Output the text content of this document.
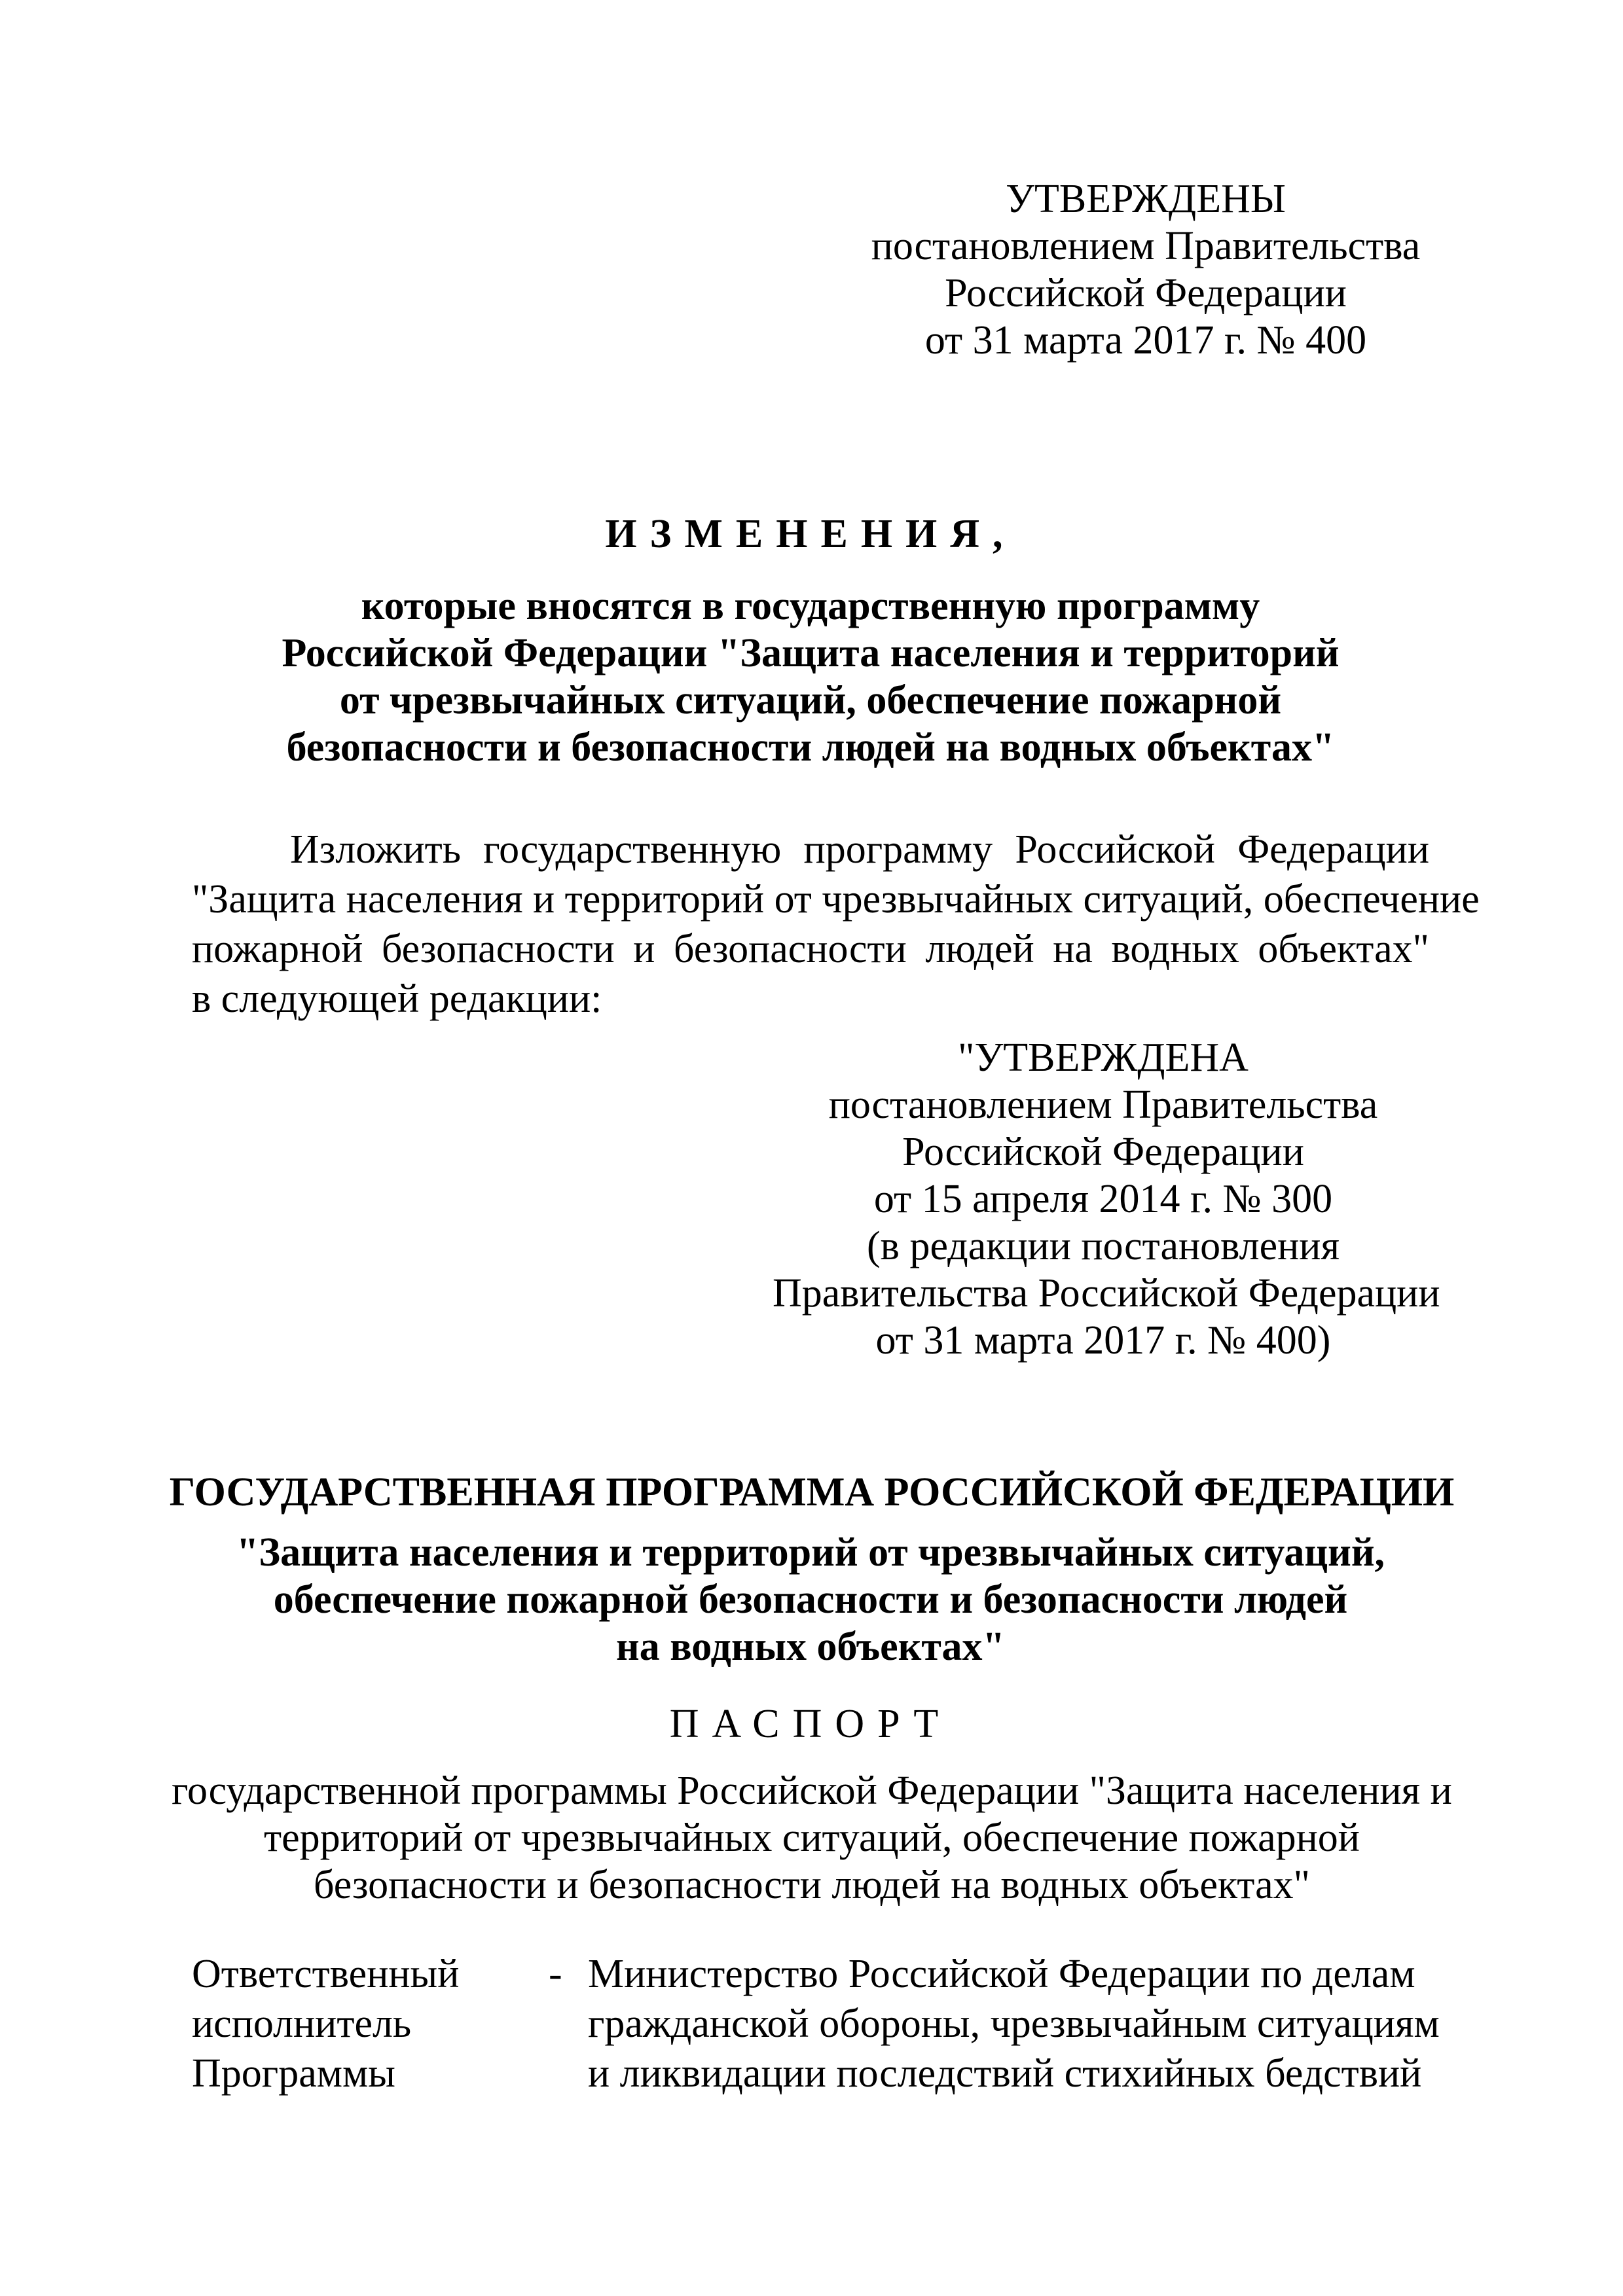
УТВЕРЖДЕНЫ
постановлением Правительства
Российской Федерации
от 31 марта 2017 г. № 400
ИЗМЕНЕНИЯ,
которые вносятся в государственную программу
Российской Федерации "Защита населения и территорий
от чрезвычайных ситуаций, обеспечение пожарной
безопасности и безопасности людей на водных объектах"
Изложить государственную программу Российской Федерации
"Защита населения и территорий от чрезвычайных ситуаций, обеспечение
пожарной безопасности и безопасности людей на водных объектах"
в следующей редакции:
"УТВЕРЖДЕНА
постановлением Правительства
Российской Федерации
от 15 апреля 2014 г. № 300
(в редакции постановления
Правительства Российской Федерации
от 31 марта 2017 г. № 400)
ГОСУДАРСТВЕННАЯ ПРОГРАММА РОССИЙСКОЙ ФЕДЕРАЦИИ
"Защита населения и территорий от чрезвычайных ситуаций,
обеспечение пожарной безопасности и безопасности людей
на водных объектах"
ПАСПОРТ
государственной программы Российской Федерации "Защита населения и
территорий от чрезвычайных ситуаций, обеспечение пожарной
безопасности и безопасности людей на водных объектах"
Ответственный
исполнитель
Программы
- Министерство Российской Федерации по делам
гражданской обороны, чрезвычайным ситуациям
и ликвидации последствий стихийных бедствий
